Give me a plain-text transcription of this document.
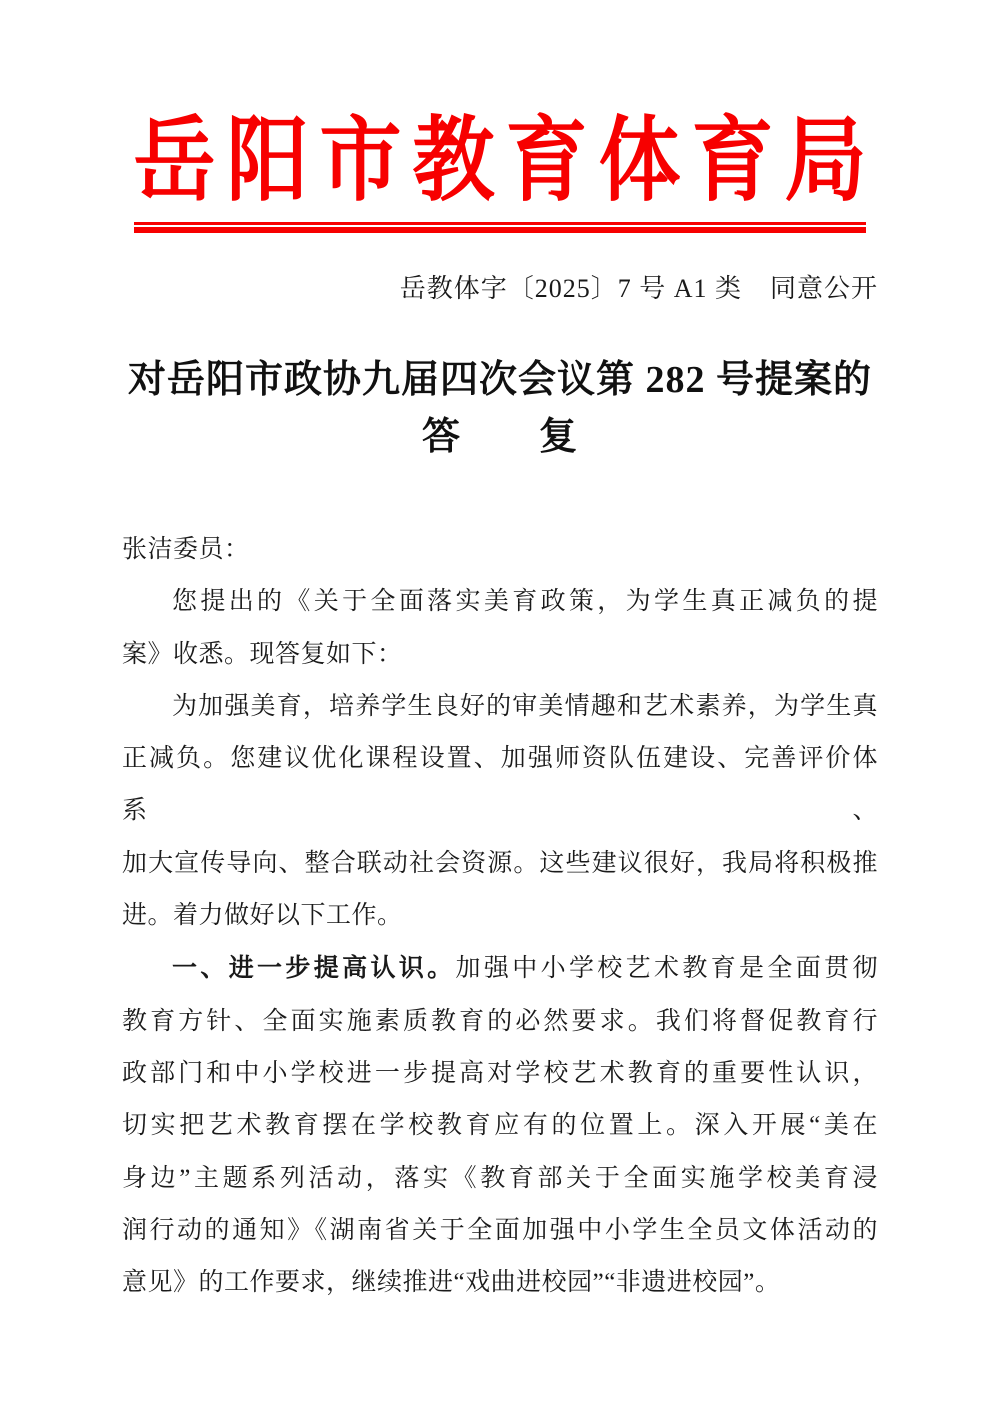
岳阳市教育体育局
岳教体字〔2025〕7 号 A1 类 同意公开
对岳阳市政协九届四次会议第 282 号提案的
答　　复
张洁委员：
您提出的《关于全面落实美育政策，为学生真正减负的提
案》收悉。现答复如下：
为加强美育，培养学生良好的审美情趣和艺术素养，为学生真
正减负。您建议优化课程设置、加强师资队伍建设、完善评价体系、
加大宣传导向、整合联动社会资源。这些建议很好，我局将积极推
进。着力做好以下工作。
一、进一步提高认识。加强中小学校艺术教育是全面贯彻
教育方针、全面实施素质教育的必然要求。我们将督促教育行
政部门和中小学校进一步提高对学校艺术教育的重要性认识，
切实把艺术教育摆在学校教育应有的位置上。深入开展“美在
身边”主题系列活动，落实《教育部关于全面实施学校美育浸
润行动的通知》《湖南省关于全面加强中小学生全员文体活动的
意见》的工作要求，继续推进“戏曲进校园”“非遗进校园”。
